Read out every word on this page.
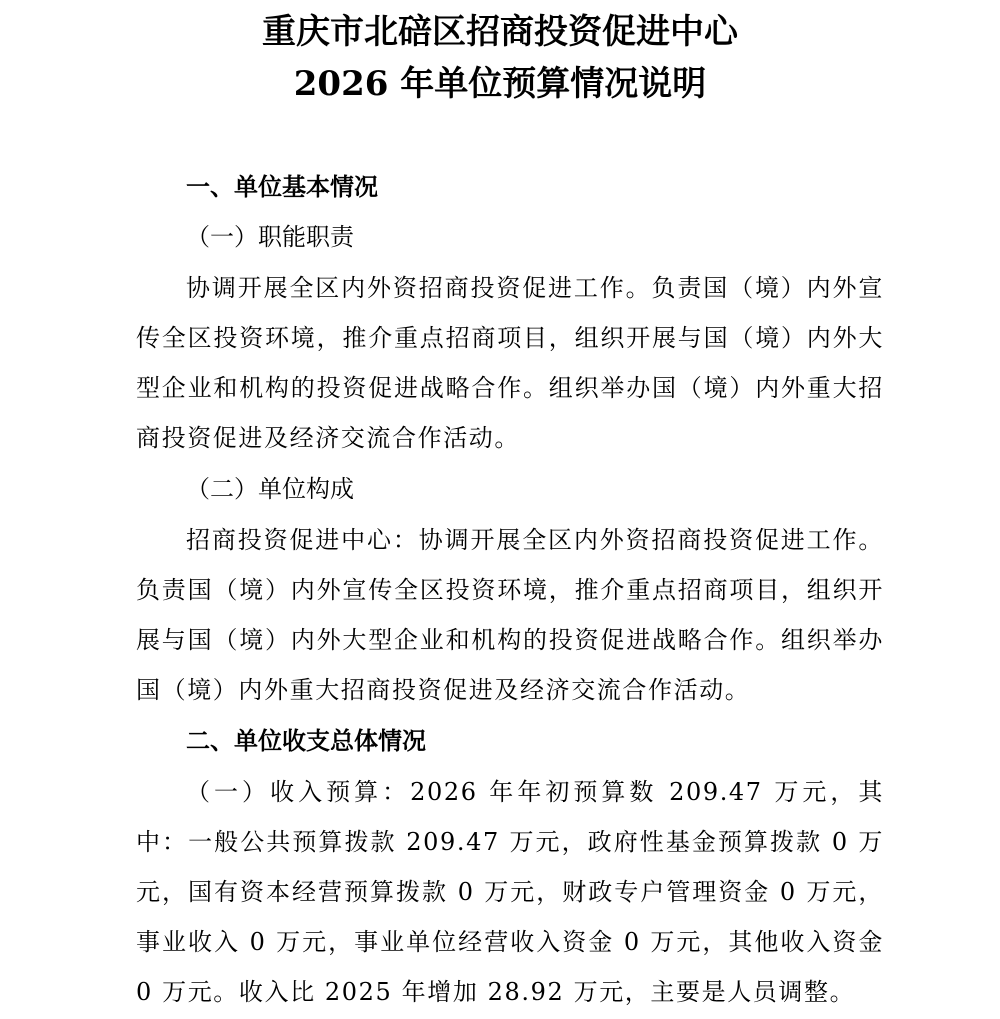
重庆市北碚区招商投资促进中心
2026 年单位预算情况说明
一、单位基本情况
（一）职能职责

协调开展全区内外资招商投资促进工作。负责国（境）内外宣传全区投资环境，推介重点招商项目，组织开展与国（境）内外大型企业和机构的投资促进战略合作。组织举办国（境）内外重大招商投资促进及经济交流合作活动。

（二）单位构成

招商投资促进中心：协调开展全区内外资招商投资促进工作。负责国（境）内外宣传全区投资环境，推介重点招商项目，组织开展与国（境）内外大型企业和机构的投资促进战略合作。组织举办国（境）内外重大招商投资促进及经济交流合作活动。

二、单位收支总体情况

（一）收入预算：2026 年年初预算数 209.47 万元，其中：一般公共预算拨款 209.47 万元，政府性基金预算拨款 0 万元，国有资本经营预算拨款 0 万元，财政专户管理资金 0 万元，事业收入 0 万元，事业单位经营收入资金 0 万元，其他收入资金 0 万元。收入比 2025 年增加 28.92 万元，主要是人员调整。
